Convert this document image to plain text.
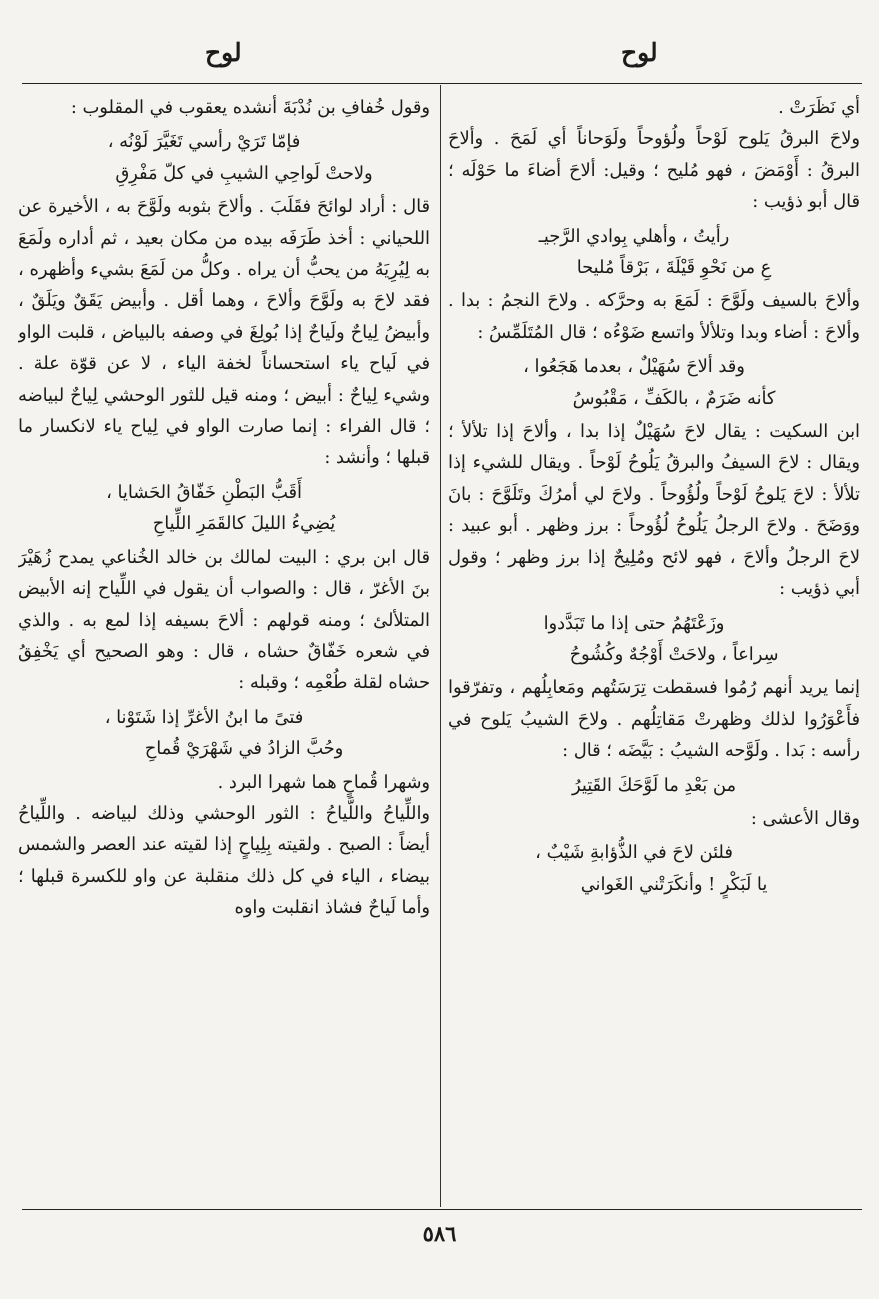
لوح	لوح

أي نَظَرَتْ .

ولاحَ البرقُ يَلوح لَوْحاً ولُؤوحاً ولَوَحاناً أي لَمَحَ . وألاحَ البرقُ : أَوْمَضَ ، فهو مُليح ؛ وقيل: ألاحَ أضاءَ ما حَوْلَه ؛ قال أبو ذؤيب :

رأيتُ ، وأهلي بِوادي الرَّجيـ

عِ من نَحْوِ قَيْلَةَ ، بَرْقاً مُليحا

وألاحَ بالسيف ولَوَّحَ : لَمَعَ به وحرَّكه . ولاحَ النجمُ : بدا . وألاحَ : أضاء وبدا وتلألأ واتسع ضَوْءُه ؛ قال المُتَلَمِّسُ :

وقد ألاحَ سُهَيْلٌ ، بعدما هَجَعُوا ،

كأنه ضَرَمٌ ، بالكَفِّ ، مَقْبُوسُ

ابن السكيت : يقال لاحَ سُهَيْلٌ إذا بدا ، وألاحَ إذا تلألأ ؛ ويقال : لاحَ السيفُ والبرقُ يَلُوحُ لَوْحاً . ويقال للشيء إذا تلألأ : لاحَ يَلوحُ لَوْحاً ولُؤُوحاً . ولاحَ لي أمرُكَ وتَلَوَّحَ : بانَ ووَضَحَ . ولاحَ الرجلُ يَلُوحُ لُؤُوحاً : برز وظهر . أبو عبيد : لاحَ الرجلُ وألاحَ ، فهو لائح ومُلِيحٌ إذا برز وظهر ؛ وقول أبي ذؤيب :

وزَعْتَهُمُ حتى إذا ما تَبَدَّدوا

سِراعاً ، ولاحَتْ أَوْجُهٌ وكُشُوحُ

إنما يريد أنهم رُمُوا فسقطت تِرَسَتُهم ومَعابِلُهم ، وتفرّقوا فأَعْوَرُوا لذلك وظهرتْ مَقاتِلُهم . ولاحَ الشيبُ يَلوح في رأسه : بَدا . ولَوَّحه الشيبُ : بَيَّضَه ؛ قال :

من بَعْدِ ما لَوَّحَكَ القَتِيرُ

وقال الأعشى :

فلئن لاحَ في الذُّؤابةِ شَيْبٌ ،

يا لَبَكْرٍ ! وأنكَرَتْني الغَواني

وقول خُفافِ بن نُدْبَةَ أنشده يعقوب في المقلوب :

فإمّا تَرَيْ رأسي تَغَيَّرَ لَوْنُه ،

ولاحتْ لَواحِي الشيبِ في كلّ مَفْرِقِ

قال : أراد لوائحَ فقَلَبَ . وألاحَ بثوبه ولَوَّحَ به ، الأخيرة عن اللحياني : أخذ طَرَفَه بيده من مكان بعيد ، ثم أداره ولَمَعَ به لِيُرِيَهُ من يحبُّ أن يراه . وكلُّ من لَمَعَ بشيء وأظهره ، فقد لاحَ به ولَوَّحَ وألاحَ ، وهما أقل . وأبيض يَقَقٌ ويَلَقٌ ، وأبيضُ لِياحٌ ولَياحٌ إذا بُولِغَ في وصفه بالبياض ، قلبت الواو في لَياح ياء استحساناً لخفة الياء ، لا عن قوّة علة . وشيء لِياحٌ : أبيض ؛ ومنه قيل للثور الوحشي لِياحٌ لبياضه ؛ قال الفراء : إنما صارت الواو في لِياح ياء لانكسار ما قبلها ؛ وأنشد :

أَقَبُّ البَطْنِ خَفّاقُ الحَشايا ،

يُضِيءُ الليلَ كالقَمَرِ اللِّياحِ

قال ابن بري : البيت لمالك بن خالد الخُناعي يمدح زُهَيْرَ بنَ الأغرّ ، قال : والصواب أن يقول في اللِّياح إنه الأبيض المتلألئ ؛ ومنه قولهم : ألاحَ بسيفه إذا لمع به . والذي في شعره خَفّاقٌ حشاه ، قال : وهو الصحيح أي يَخْفِقُ حشاه لقلة طُعْمِه ؛ وقبله :

فتىً ما ابنُ الأغرِّ إذا شَتَوْنا ،

وحُبَّ الزادُ في شَهْرَيْ قُماحِ

وشهرا قُماحٍ هما شهرا البرد .

واللِّياحُ واللَّياحُ : الثور الوحشي وذلك لبياضه . واللِّياحُ أيضاً : الصبح . ولقيته بِلِياحٍ إذا لقيته عند العصر والشمس بيضاء ، الياء في كل ذلك منقلبة عن واو للكسرة قبلها ؛ وأما لَياحٌ فشاذ انقلبت واوه

٥٨٦
